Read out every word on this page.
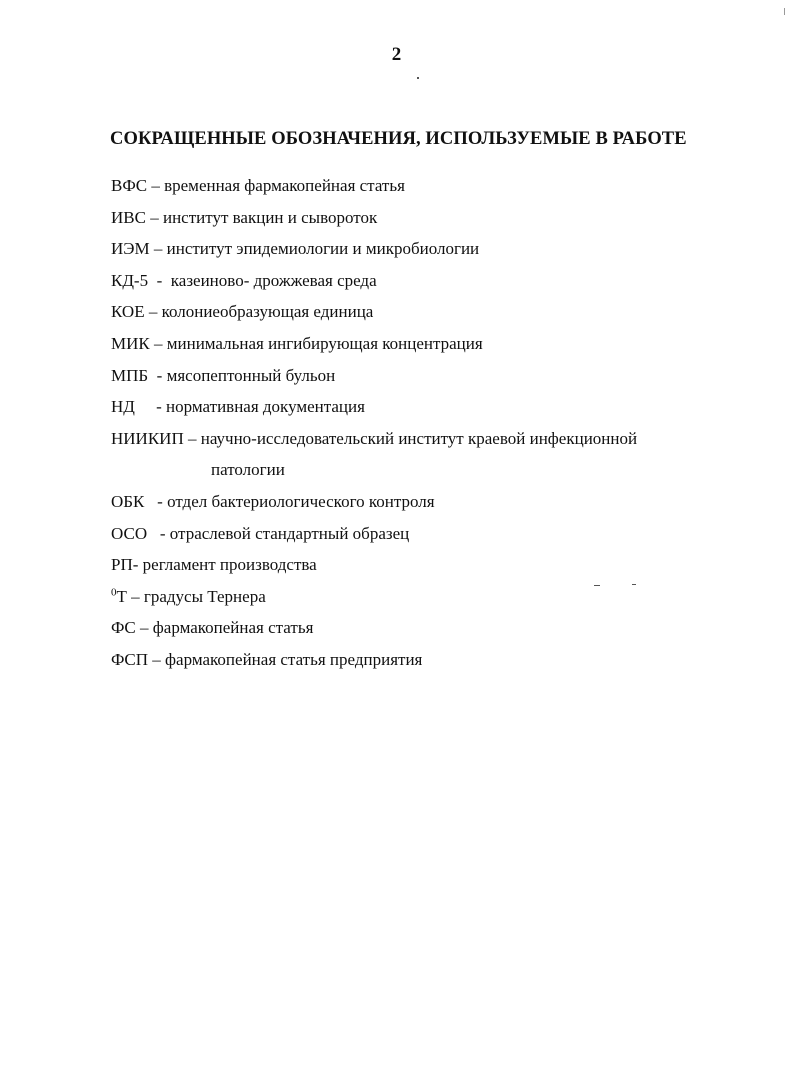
2
СОКРАЩЕННЫЕ ОБОЗНАЧЕНИЯ, ИСПОЛЬЗУЕМЫЕ В РАБОТЕ
ВФС – временная фармакопейная статья
ИВС – институт вакцин и сывороток
ИЭМ – институт эпидемиологии и микробиологии
КД-5  -  казеиново- дрожжевая среда
КОЕ – колониеобразующая единица
МИК – минимальная ингибирующая концентрация
МПБ  - мясопептонный бульон
НД     - нормативная документация
НИИКИП – научно-исследовательский институт краевой инфекционной
патологии
ОБК   - отдел бактериологического контроля
ОСО   - отраслевой стандартный образец
РП- регламент производства
$^0$Т – градусы Тернера
ФС – фармакопейная статья
ФСП – фармакопейная статья предприятия
